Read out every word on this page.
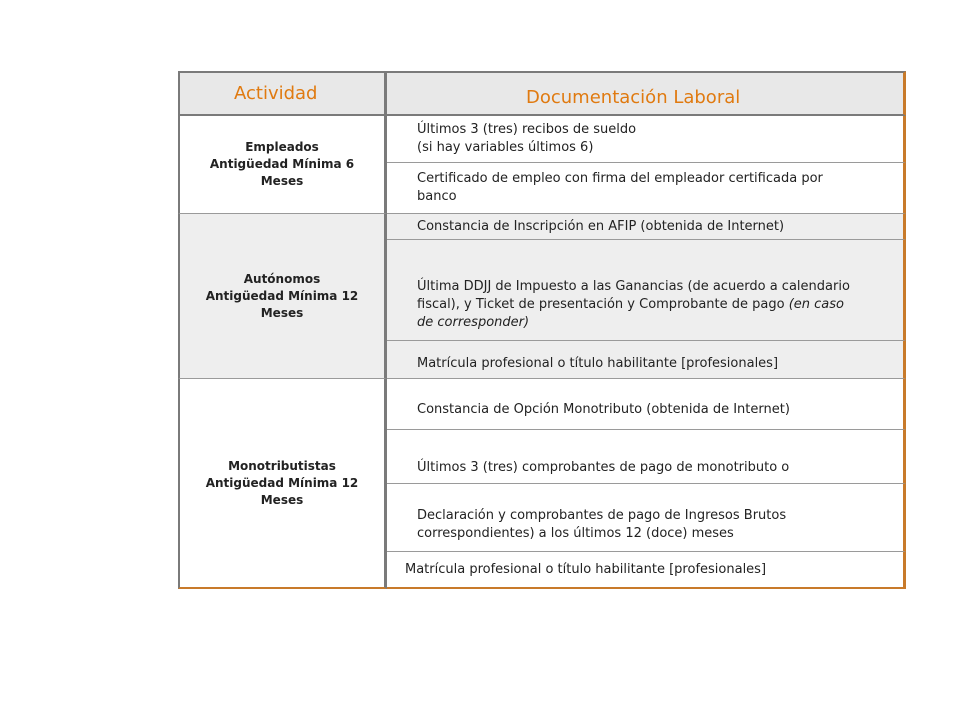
Actividad	Documentación Laboral
Empleados
Antigüedad Mínima 6
Meses
Últimos 3 (tres) recibos de sueldo
(si hay variables últimos 6)
Certificado de empleo con firma del empleador certificada por
banco
Autónomos
Antigüedad Mínima 12
Meses
Constancia de Inscripción en AFIP (obtenida de Internet)
Última DDJJ de Impuesto a las Ganancias (de acuerdo a calendario
fiscal), y Ticket de presentación y Comprobante de pago (en caso
de corresponder)
Matrícula profesional o título habilitante [profesionales]
Monotributistas
Antigüedad Mínima 12
Meses
Constancia de Opción Monotributo (obtenida de Internet)
Últimos 3 (tres) comprobantes de pago de monotributo o
Declaración y comprobantes de pago de Ingresos Brutos
correspondientes) a los últimos 12 (doce) meses
Matrícula profesional o título habilitante [profesionales]
